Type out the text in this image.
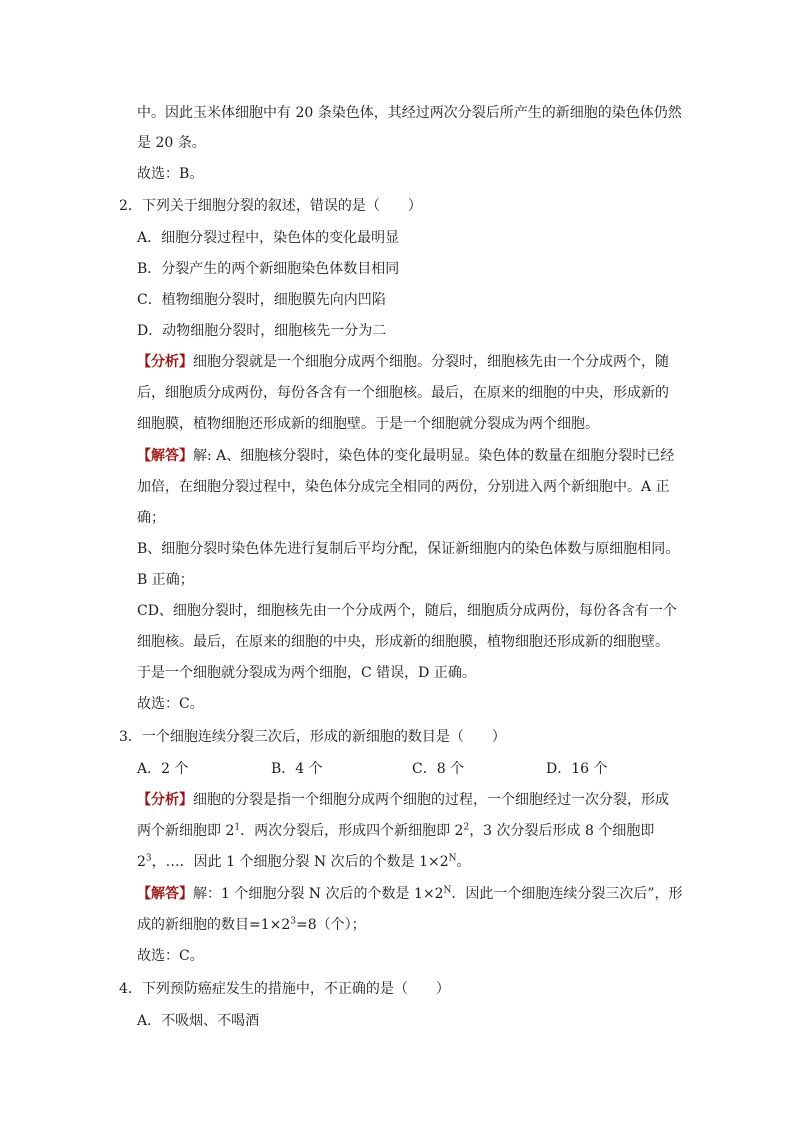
中。因此玉米体细胞中有 20 条染色体，其经过两次分裂后所产生的新细胞的染色体仍然
是 20 条。
故选：B。
2．下列关于细胞分裂的叙述，错误的是（　　）
A．细胞分裂过程中，染色体的变化最明显
B．分裂产生的两个新细胞染色体数目相同
C．植物细胞分裂时，细胞膜先向内凹陷
D．动物细胞分裂时，细胞核先一分为二
【分析】细胞分裂就是一个细胞分成两个细胞。分裂时，细胞核先由一个分成两个，随
后，细胞质分成两份，每份各含有一个细胞核。最后，在原来的细胞的中央，形成新的
细胞膜，植物细胞还形成新的细胞壁。于是一个细胞就分裂成为两个细胞。
【解答】解: A、细胞核分裂时，染色体的变化最明显。染色体的数量在细胞分裂时已经
加倍，在细胞分裂过程中，染色体分成完全相同的两份，分别进入两个新细胞中。A 正
确；
B、细胞分裂时染色体先进行复制后平均分配，保证新细胞内的染色体数与原细胞相同。
B 正确；
CD、细胞分裂时，细胞核先由一个分成两个，随后，细胞质分成两份，每份各含有一个
细胞核。最后，在原来的细胞的中央，形成新的细胞膜，植物细胞还形成新的细胞壁。
于是一个细胞就分裂成为两个细胞，C 错误，D 正确。
故选：C。
3．一个细胞连续分裂三次后，形成的新细胞的数目是（　　）
A．2 个	B．4 个	C．8 个	D．16 个
【分析】细胞的分裂是指一个细胞分成两个细胞的过程，一个细胞经过一次分裂，形成
两个新细胞即 $2^1$．两次分裂后，形成四个新细胞即 $2^2$，3 次分裂后形成 8 个细胞即
$2^3$，…．因此 1 个细胞分裂 N 次后的个数是 $1\times 2^N$。
【解答】解：1 个细胞分裂 N 次后的个数是 $1\times 2^N$．因此一个细胞连续分裂三次后”，形
成的新细胞的数目$=1\times 2^3=8$（个）；
故选：C。
4．下列预防癌症发生的措施中，不正确的是（　　）
A．不吸烟、不喝酒
